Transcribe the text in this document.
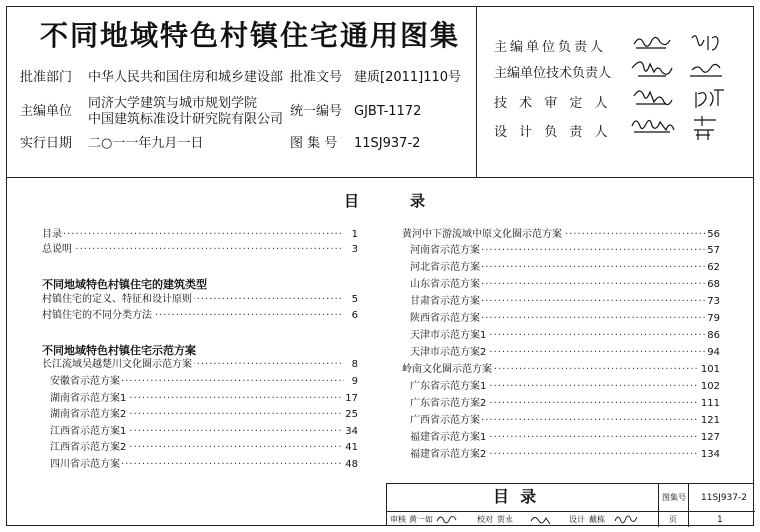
不同地域特色村镇住宅通用图集
批准部门 中华人民共和国住房和城乡建设部 批准文号 建质[2011]110号
主编单位
同济大学建筑与城市规划学院
中国建筑标准设计研究院有限公司
统一编号 GJBT-1172
实行日期 二○一一年九月一日	图 集 号 11SJ937-2
主编单位负责人
主编单位技术负责人
技 术 审 定 人
设 计 负 责 人
目	录
·····
目录	1
·····
总说明	3
不同地域特色村镇住宅的建筑类型
·····
村镇住宅的定义、特征和设计原则	5
·····
村镇住宅的不同分类方法	6
不同地域特色村镇住宅示范方案
·····
长江流域吴越楚川文化圈示范方案	8
·····
安徽省示范方案	9
·····
湖南省示范方案1	17
·····
湖南省示范方案2	25
·····
江西省示范方案1	34
·····
江西省示范方案2	41
·····
四川省示范方案	48
·····
黄河中下游流域中原文化圈示范方案	56
·····
河南省示范方案	57
·····
河北省示范方案	62
·····
山东省示范方案	68
·····
甘肃省示范方案	73
·····
陕西省示范方案	79
·····
天津市示范方案1	86
·····
天津市示范方案2	94
·····
岭南文化圈示范方案	101
·····
广东省示范方案1	102
·····
广东省示范方案2	111
·····
广西省示范方案	121
·····
福建省示范方案1	127
·····
福建省示范方案2	134
目  录	图集号 11SJ937-2
审核 黄一如	校对 贺永	设计 戴栋	页	1
